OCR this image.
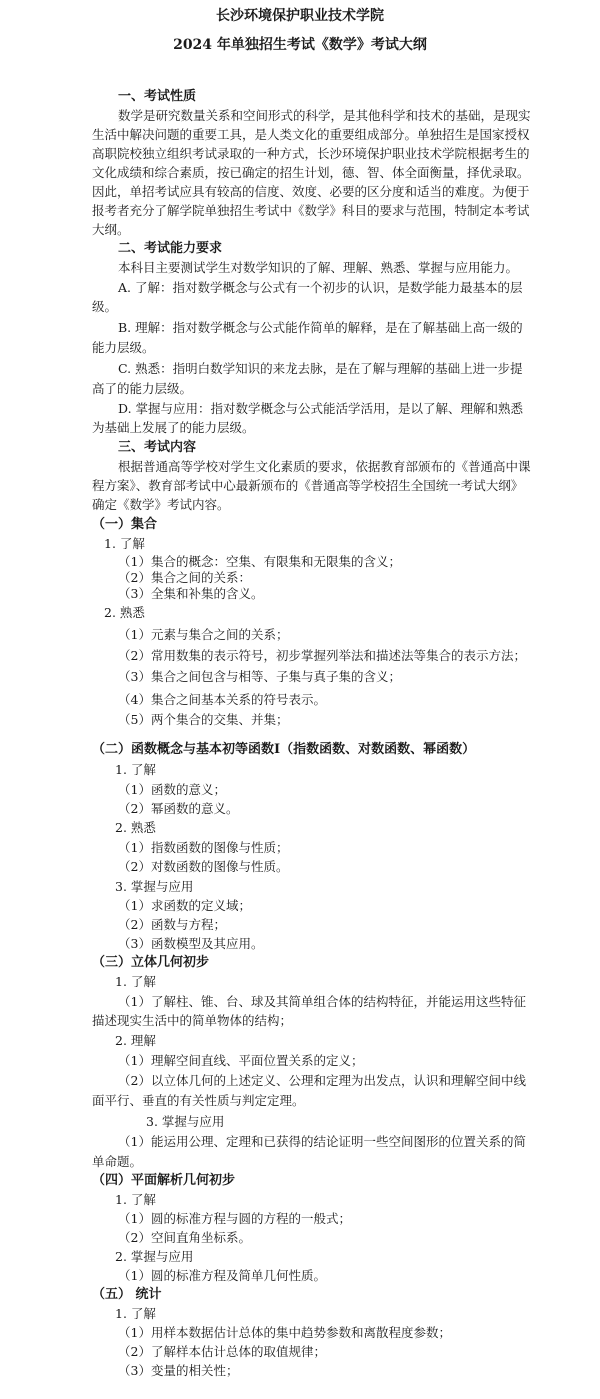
长沙环境保护职业技术学院

2024 年单独招生考试《数学》考试大纲

一、考试性质

数学是研究数量关系和空间形式的科学，是其他科学和技术的基础，是现实

生活中解决问题的重要工具，是人类文化的重要组成部分。单独招生是国家授权

高职院校独立组织考试录取的一种方式，长沙环境保护职业技术学院根据考生的

文化成绩和综合素质，按已确定的招生计划，德、智、体全面衡量，择优录取。

因此，单招考试应具有较高的信度、效度、必要的区分度和适当的难度。为便于

报考者充分了解学院单独招生考试中《数学》科目的要求与范围，特制定本考试

大纲。

二、考试能力要求

本科目主要测试学生对数学知识的了解、理解、熟悉、掌握与应用能力。

A. 了解：指对数学概念与公式有一个初步的认识，是数学能力最基本的层

级。

B. 理解：指对数学概念与公式能作简单的解释，是在了解基础上高一级的

能力层级。

C. 熟悉：指明白数学知识的来龙去脉，是在了解与理解的基础上进一步提

高了的能力层级。

D. 掌握与应用：指对数学概念与公式能活学活用，是以了解、理解和熟悉

为基础上发展了的能力层级。

三、考试内容

根据普通高等学校对学生文化素质的要求，依据教育部颁布的《普通高中课

程方案》、教育部考试中心最新颁布的《普通高等学校招生全国统一考试大纲》

确定《数学》考试内容。

（一）集合

1. 了解

（1）集合的概念：空集、有限集和无限集的含义；

（2）集合之间的关系：

（3）全集和补集的含义。

2. 熟悉

（1）元素与集合之间的关系；

（2）常用数集的表示符号，初步掌握列举法和描述法等集合的表示方法；

（3）集合之间包含与相等、子集与真子集的含义；

（4）集合之间基本关系的符号表示。

（5）两个集合的交集、并集；

（二）函数概念与基本初等函数Ⅰ（指数函数、对数函数、幂函数）

1. 了解

（1）函数的意义；

（2）幂函数的意义。

2. 熟悉

（1）指数函数的图像与性质；

（2）对数函数的图像与性质。

3. 掌握与应用

（1）求函数的定义域；

（2）函数与方程；

（3）函数模型及其应用。

（三）立体几何初步

1. 了解

（1）了解柱、锥、台、球及其简单组合体的结构特征，并能运用这些特征

描述现实生活中的简单物体的结构；

2. 理解

（1）理解空间直线、平面位置关系的定义；

（2）以立体几何的上述定义、公理和定理为出发点，认识和理解空间中线

面平行、垂直的有关性质与判定定理。

3. 掌握与应用

（1）能运用公理、定理和已获得的结论证明一些空间图形的位置关系的简

单命题。

（四）平面解析几何初步

1. 了解

（1）圆的标准方程与圆的方程的一般式；

（2）空间直角坐标系。

2. 掌握与应用

（1）圆的标准方程及简单几何性质。

（五） 统计

1. 了解

（1）用样本数据估计总体的集中趋势参数和离散程度参数；

（2）了解样本估计总体的取值规律；

（3）变量的相关性；
